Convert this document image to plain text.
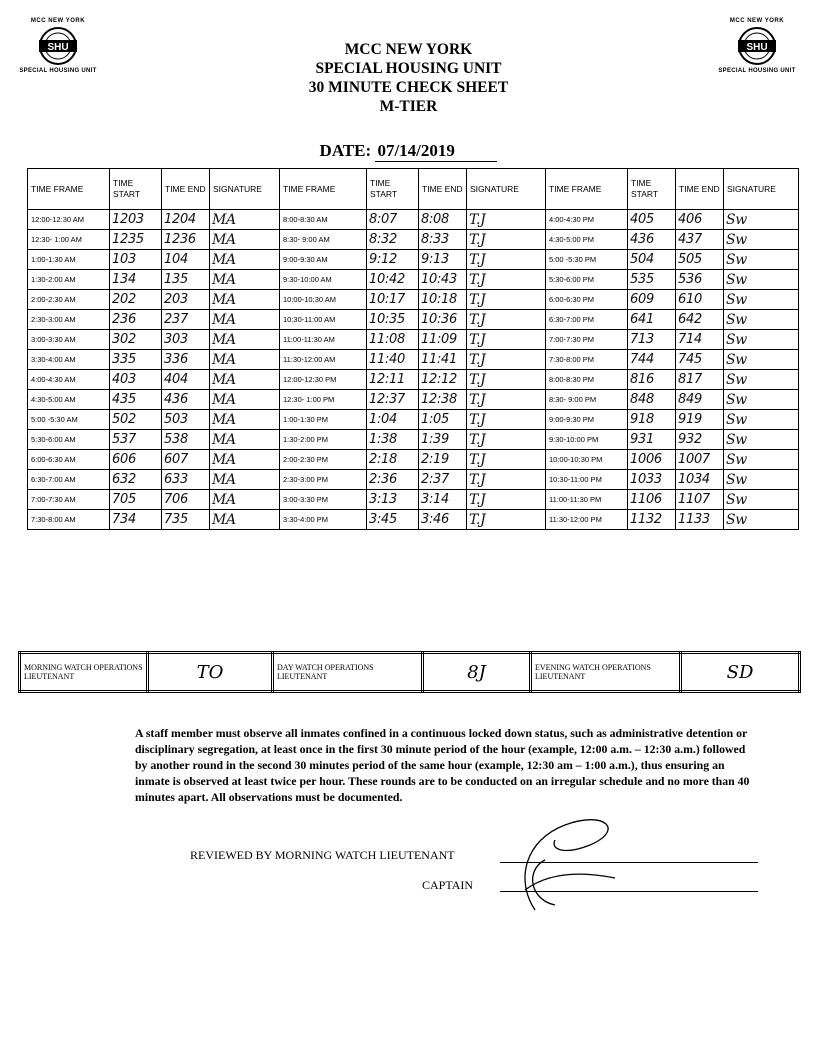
MCC NEW YORK
SHU
SPECIAL HOUSING UNIT
MCC NEW YORK
SHU
SPECIAL HOUSING UNIT
MCC NEW YORK
SPECIAL HOUSING UNIT
30 MINUTE CHECK SHEET
M-TIER
DATE: 07/14/2019
TIME FRAME	TIME START	TIME END	SIGNATURE	TIME FRAME	TIME START	TIME END	SIGNATURE	TIME FRAME	TIME START	TIME END	SIGNATURE
12:00-12:30 AM	1203	1204	MA	8:00-8:30 AM	8:07	8:08	T.J	4:00-4:30 PM	405	406	Sw
12:30- 1:00 AM	1235	1236	MA	8:30- 9:00 AM	8:32	8:33	T.J	4:30-5:00 PM	436	437	Sw
1:00-1:30 AM	103	104	MA	9:00-9:30 AM	9:12	9:13	T.J	5:00 -5:30 PM	504	505	Sw
1:30-2:00 AM	134	135	MA	9:30-10:00 AM	10:42	10:43	T.J	5:30-6:00 PM	535	536	Sw
2:00-2:30 AM	202	203	MA	10:00-10:30 AM	10:17	10:18	T.J	6:00-6:30 PM	609	610	Sw
2:30-3:00 AM	236	237	MA	10:30-11:00 AM	10:35	10:36	T.J	6:30-7:00 PM	641	642	Sw
3:00-3:30 AM	302	303	MA	11:00-11:30 AM	11:08	11:09	T.J	7:00-7:30 PM	713	714	Sw
3:30-4:00 AM	335	336	MA	11:30-12:00 AM	11:40	11:41	T.J	7:30-8:00 PM	744	745	Sw
4:00-4:30 AM	403	404	MA	12:00-12:30 PM	12:11	12:12	T.J	8:00-8:30 PM	816	817	Sw
4:30-5:00 AM	435	436	MA	12:30- 1:00 PM	12:37	12:38	T.J	8:30- 9:00 PM	848	849	Sw
5:00 -5:30 AM	502	503	MA	1:00-1:30 PM	1:04	1:05	T.J	9:00-9:30 PM	918	919	Sw
5:30-6:00 AM	537	538	MA	1:30-2:00 PM	1:38	1:39	T.J	9:30-10:00 PM	931	932	Sw
6:00-6:30 AM	606	607	MA	2:00-2:30 PM	2:18	2:19	T.J	10:00-10:30 PM	1006	1007	Sw
6:30-7:00 AM	632	633	MA	2:30-3:00 PM	2:36	2:37	T.J	10:30-11:00 PM	1033	1034	Sw
7:00-7:30 AM	705	706	MA	3:00-3:30 PM	3:13	3:14	T.J	11:00-11:30 PM	1106	1107	Sw
7:30-8:00 AM	734	735	MA	3:30-4:00 PM	3:45	3:46	T.J	11:30-12:00 PM	1132	1133	Sw
MORNING WATCH OPERATIONS LIEUTENANT	TO	DAY WATCH OPERATIONS LIEUTENANT	8J	EVENING WATCH OPERATIONS LIEUTENANT	SD
A staff member must observe all inmates confined in a continuous locked down status, such as administrative detention or disciplinary segregation, at least once in the first 30 minute period of the hour (example, 12:00 a.m. – 12:30 a.m.) followed by another round in the second 30 minutes period of the same hour (example, 12:30 am – 1:00 a.m.), thus ensuring an inmate is observed at least twice per hour. These rounds are to be conducted on an irregular schedule and no more than 40 minutes apart. All observations must be documented.
REVIEWED BY MORNING WATCH LIEUTENANT
CAPTAIN
